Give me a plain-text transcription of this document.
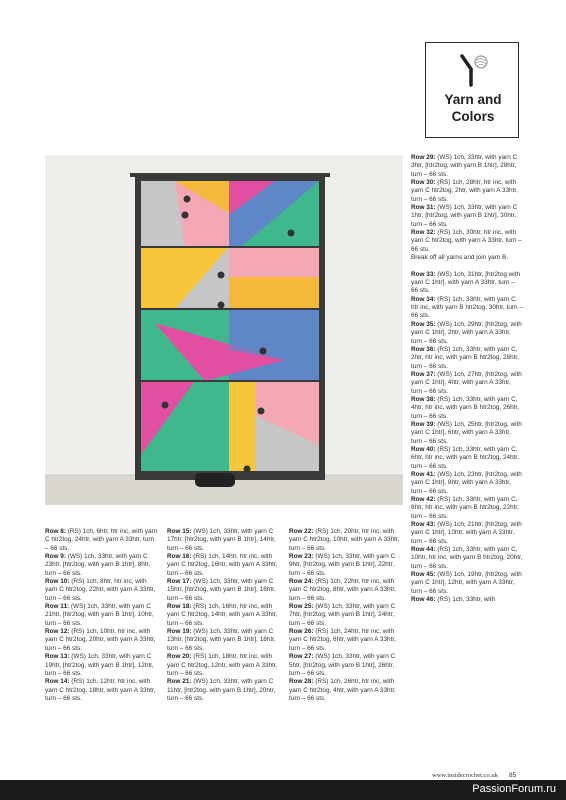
Yarn and
Colors

Row 8: (RS) 1ch, 6htr, htr inc, with yarn C htr2tog, 24htr, with yarn A 33htr, turn – 66 sts.

Row 9: (WS) 1ch, 33htr, with yarn C 23htr, [htr2tog, with yarn B 1htr], 8htr, turn – 66 sts.

Row 10: (RS) 1ch, 8htr, htr inc, with yarn C htr2tog, 22htr, with yarn A 33htr, turn – 66 sts.

Row 11: (WS) 1ch, 33htr, with yarn C 21htr, [htr2tog, with yarn B 1htr], 10htr, turn – 66 sts.

Row 12: (RS) 1ch, 10htr, htr inc, with yarn C htr2tog, 20htr, with yarn A 33htr, turn – 66 sts.

Row 13: (WS) 1ch, 33htr, with yarn C 19htr, [htr2tog, with yarn B 1htr], 12htr, turn – 66 sts.

Row 14: (RS) 1ch, 12htr, htr inc, with yarn C htr2tog, 18htr, with yarn A 33htr, turn – 66 sts.

Row 15: (WS) 1ch, 33htr, with yarn C 17htr, [htr2tog, with yarn B 1htr], 14htr, turn – 66 sts.

Row 16: (RS) 1ch, 14htr, htr inc, with yarn C htr2tog, 16htr, with yarn A 33htr, turn – 66 sts.

Row 17: (WS) 1ch, 33htr, with yarn C 15htr, [htr2tog, with yarn B 1htr], 16htr, turn – 66 sts.

Row 18: (RS) 1ch, 16htr, htr inc, with yarn C htr2tog, 14htr, with yarn A 33htr, turn – 66 sts.

Row 19: (WS) 1ch, 33htr, with yarn C 13htr, [htr2tog, with yarn B 1htr], 18htr, turn – 66 sts.

Row 20: (RS) 1ch, 18htr, htr inc, with yarn C htr2tog, 12htr, with yarn A 33htr, turn – 66 sts.

Row 21: (WS) 1ch, 33htr, with yarn C 11htr, [htr2tog, with yarn B 1htr], 20htr, turn – 66 sts.

Row 22: (RS) 1ch, 20htr, htr inc, with yarn C htr2tog, 10htr, with yarn A 33htr, turn – 66 sts.

Row 23: (WS) 1ch, 33htr, with yarn C 9htr, [htr2tog, with yarn B 1htr], 22htr, turn – 66 sts.

Row 24: (RS) 1ch, 22htr, htr inc, with yarn C htr2tog, 8htr, with yarn A 33htr, turn – 66 sts.

Row 25: (WS) 1ch, 33htr, with yarn C 7htr, [htr2tog, with yarn B 1htr], 24htr, turn – 66 sts.

Row 26: (RS) 1ch, 24htr, htr inc, with yarn C htr2tog, 6htr, with yarn A 33htr, turn – 66 sts.

Row 27: (WS) 1ch, 33htr, with yarn C 5htr, [htr2tog, with yarn B 1htr], 26htr, turn – 66 sts.

Row 28: (RS) 1ch, 26htr, htr inc, with yarn C htr2tog, 4htr, with yarn A 33htr, turn – 66 sts.

Row 29: (WS) 1ch, 33htr, with yarn C 3htr, [htr2tog, with yarn B 1htr], 28htr, turn – 66 sts.

Row 30: (RS) 1ch, 28htr, htr inc, with yarn C htr2tog, 2htr, with yarn A 33htr, turn – 66 sts.

Row 31: (WS) 1ch, 33htr, with yarn C 1htr, [htr2tog, with yarn B 1htr], 30htr, turn – 66 sts.

Row 32: (RS) 1ch, 30htr, htr inc, with yarn C htr2tog, with yarn A 33htr, turn – 66 sts.

Break off all yarns and join yarn B.

Row 33: (WS) 1ch, 31htr, [htr2tog with yarn C 1htr], with yarn A 33htr, turn – 66 sts.

Row 34: (RS) 1ch, 33htr, with yarn C htr inc, with yarn B htr2tog, 30htr, turn – 66 sts.

Row 35: (WS) 1ch, 29htr, [htr2tog, with yarn C 1htr], 2htr, with yarn A 33htr, turn – 66 sts.

Row 36: (RS) 1ch, 33htr, with yarn C, 2htr, htr inc, with yarn B htr2tog, 28htr, turn – 66 sts.

Row 37: (WS) 1ch, 27htr, [htr2tog, with yarn C 1htr], 4htr, with yarn A 33htr, turn – 66 sts.

Row 38: (RS) 1ch, 33htr, with yarn C, 4htr, htr inc, with yarn B htr2tog, 26htr, turn – 66 sts.

Row 39: (WS) 1ch, 25htr, [htr2tog, with yarn C 1htr], 6htr, with yarn A 33htr, turn – 66 sts.

Row 40: (RS) 1ch, 33htr, with yarn C, 6htr, htr inc, with yarn B htr2tog, 24htr, turn – 66 sts.

Row 41: (WS) 1ch, 23htr, [htr2tog, with yarn C 1htr], 8htr, with yarn A 33htr, turn – 66 sts.

Row 42: (RS) 1ch, 33htr, with yarn C, 8htr, htr inc, with yarn B htr2tog, 22htr, turn – 66 sts.

Row 43: (WS) 1ch, 21htr, [htr2tog, with yarn C 1htr], 10htr, with yarn A 33htr, turn – 66 sts.

Row 44: (RS) 1ch, 33htr, with yarn C, 10htr, htr inc, with yarn B htr2tog, 20htr, turn – 66 sts.

Row 45: (WS) 1ch, 19htr, [htr2tog, with yarn C 1htr], 12htr, with yarn A 33htr, turn – 66 sts.

Row 46: (RS) 1ch, 33htr, with

www.insidecrochet.co.uk 85
PassionForum.ru
